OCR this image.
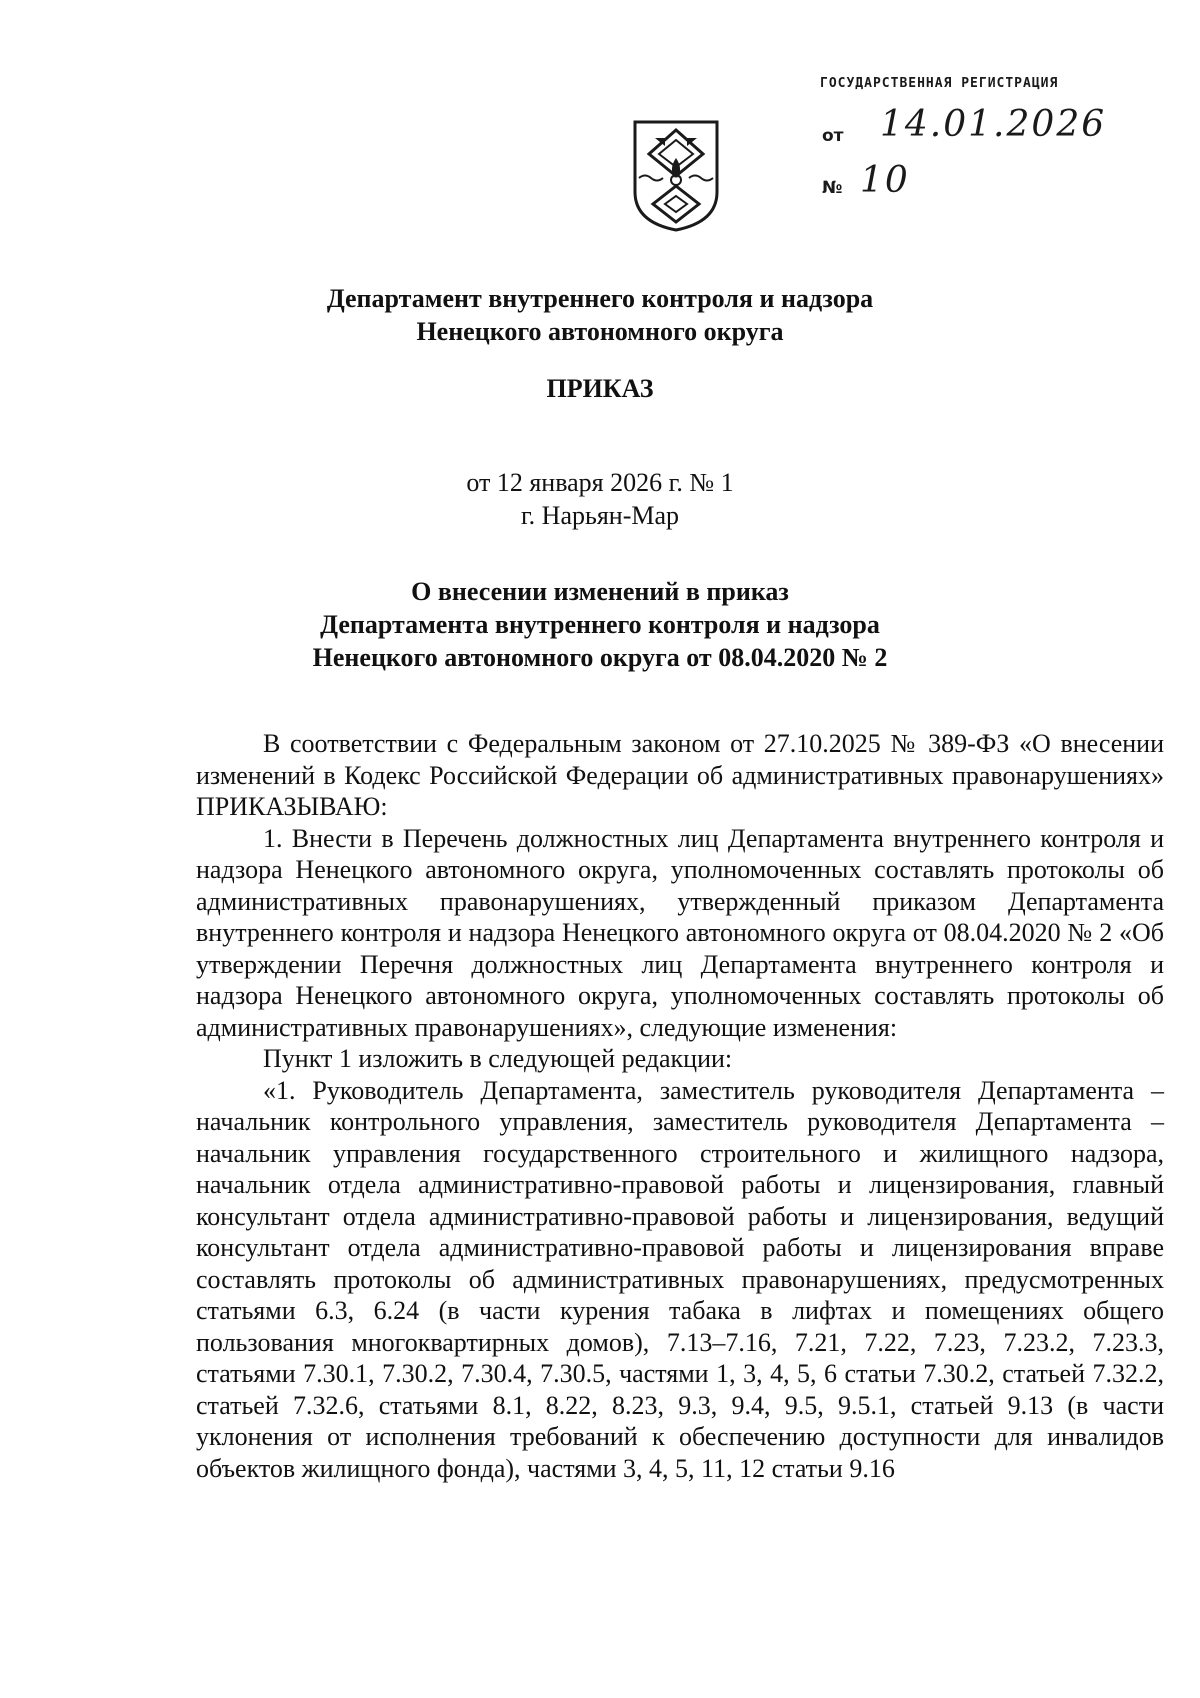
ГОСУДАРСТВЕННАЯ РЕГИСТРАЦИЯ
от 14.01.2026
№ 10
Департамент внутреннего контроля и надзора
Ненецкого автономного округа
ПРИКАЗ
от 12 января 2026 г. № 1
г. Нарьян-Мар
О внесении изменений в приказ
Департамента внутреннего контроля и надзора
Ненецкого автономного округа от 08.04.2020 № 2

В соответствии с Федеральным законом от 27.10.2025 № 389-ФЗ «О внесении изменений в Кодекс Российской Федерации об административных правонарушениях» ПРИКАЗЫВАЮ:

1. Внести в Перечень должностных лиц Департамента внутреннего контроля и надзора Ненецкого автономного округа, уполномоченных составлять протоколы об административных правонарушениях, утвержденный приказом Департамента внутреннего контроля и надзора Ненецкого автономного округа от 08.04.2020 № 2 «Об утверждении Перечня должностных лиц Департамента внутреннего контроля и надзора Ненецкого автономного округа, уполномоченных составлять протоколы об административных правонарушениях», следующие изменения:

Пункт 1 изложить в следующей редакции:

«1. Руководитель Департамента, заместитель руководителя Департамента – начальник контрольного управления, заместитель руководителя Департамента – начальник управления государственного строительного и жилищного надзора, начальник отдела административно-правовой работы и лицензирования, главный консультант отдела административно-правовой работы и лицензирования, ведущий консультант отдела административно-правовой работы и лицензирования вправе составлять протоколы об административных правонарушениях, предусмотренных статьями 6.3, 6.24 (в части курения табака в лифтах и помещениях общего пользования многоквартирных домов), 7.13–7.16, 7.21, 7.22, 7.23, 7.23.2, 7.23.3, статьями 7.30.1, 7.30.2, 7.30.4, 7.30.5, частями 1, 3, 4, 5, 6 статьи 7.30.2, статьей 7.32.2, статьей 7.32.6, статьями 8.1, 8.22, 8.23, 9.3, 9.4, 9.5, 9.5.1, статьей 9.13 (в части уклонения от исполнения требований к обеспечению доступности для инвалидов объектов жилищного фонда), частями 3, 4, 5, 11, 12 статьи 9.16
